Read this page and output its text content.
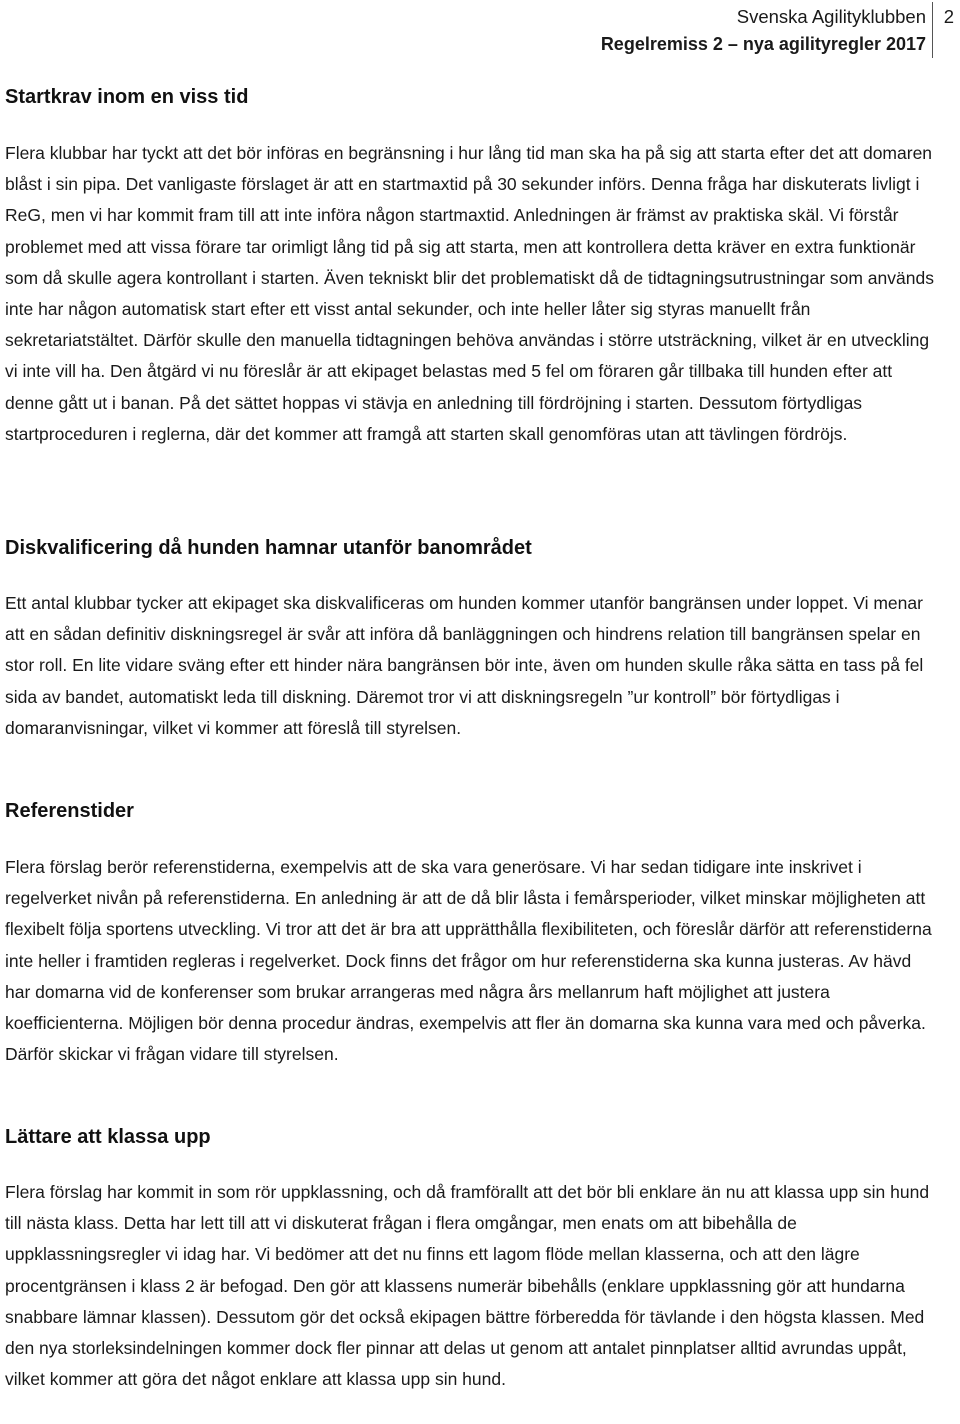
Svenska Agilityklubben
Regelremiss 2 – nya agilityregler 2017
2
Startkrav inom en viss tid

Flera klubbar har tyckt att det bör införas en begränsning i hur lång tid man ska ha på sig att starta efter det att domaren blåst i sin pipa. Det vanligaste förslaget är att en startmaxtid på 30 sekunder införs. Denna fråga har diskuterats livligt i ReG, men vi har kommit fram till att inte införa någon startmaxtid. Anledningen är främst av praktiska skäl. Vi förstår problemet med att vissa förare tar orimligt lång tid på sig att starta, men att kontrollera detta kräver en extra funktionär som då skulle agera kontrollant i starten. Även tekniskt blir det problematiskt då de tidtagningsutrustningar som används inte har någon automatisk start efter ett visst antal sekunder, och inte heller låter sig styras manuellt från sekretariatstältet. Därför skulle den manuella tidtagningen behöva användas i större utsträckning, vilket är en utveckling vi inte vill ha. Den åtgärd vi nu föreslår är att ekipaget belastas med 5 fel om föraren går tillbaka till hunden efter att denne gått ut i banan. På det sättet hoppas vi stävja en anledning till fördröjning i starten. Dessutom förtydligas startproceduren i reglerna, där det kommer att framgå att starten skall genomföras utan att tävlingen fördröjs.

Diskvalificering då hunden hamnar utanför banområdet

Ett antal klubbar tycker att ekipaget ska diskvalificeras om hunden kommer utanför bangränsen under loppet. Vi menar att en sådan definitiv diskningsregel är svår att införa då banläggningen och hindrens relation till bangränsen spelar en stor roll. En lite vidare sväng efter ett hinder nära bangränsen bör inte, även om hunden skulle råka sätta en tass på fel sida av bandet, automatiskt leda till diskning. Däremot tror vi att diskningsregeln ”ur kontroll” bör förtydligas i domaranvisningar, vilket vi kommer att föreslå till styrelsen.

Referenstider

Flera förslag berör referenstiderna, exempelvis att de ska vara generösare. Vi har sedan tidigare inte inskrivet i regelverket nivån på referenstiderna. En anledning är att de då blir låsta i femårsperioder, vilket minskar möjligheten att flexibelt följa sportens utveckling. Vi tror att det är bra att upprätthålla flexibiliteten, och föreslår därför att referenstiderna inte heller i framtiden regleras i regelverket. Dock finns det frågor om hur referenstiderna ska kunna justeras. Av hävd har domarna vid de konferenser som brukar arrangeras med några års mellanrum haft möjlighet att justera koefficienterna. Möjligen bör denna procedur ändras, exempelvis att fler än domarna ska kunna vara med och påverka. Därför skickar vi frågan vidare till styrelsen.

Lättare att klassa upp

Flera förslag har kommit in som rör uppklassning, och då framförallt att det bör bli enklare än nu att klassa upp sin hund till nästa klass. Detta har lett till att vi diskuterat frågan i flera omgångar, men enats om att bibehålla de uppklassningsregler vi idag har. Vi bedömer att det nu finns ett lagom flöde mellan klasserna, och att den lägre procentgränsen i klass 2 är befogad. Den gör att klassens numerär bibehålls (enklare uppklassning gör att hundarna snabbare lämnar klassen). Dessutom gör det också ekipagen bättre förberedda för tävlande i den högsta klassen. Med den nya storleksindelningen kommer dock fler pinnar att delas ut genom att antalet pinnplatser alltid avrundas uppåt, vilket kommer att göra det något enklare att klassa upp sin hund.
